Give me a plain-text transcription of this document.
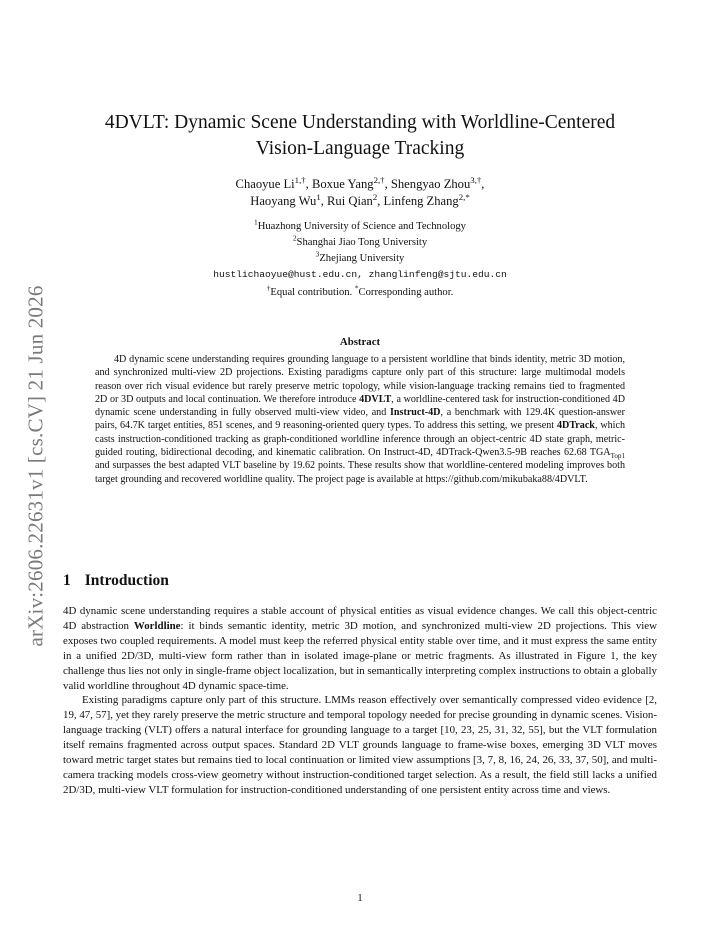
arXiv:2606.22631v1 [cs.CV] 21 Jun 2026
4DVLT: Dynamic Scene Understanding with Worldline-Centered
Vision-Language Tracking
Chaoyue $Li^{1,\dagger}$, Boxue Yang$^{2,\dagger}$, Shengyao Zhou$^{3,\dagger}$,
Haoyang Wu$^1$, Rui Qian$^2$, Linfeng Zhang$^{2,*}$
$^1$Huazhong University of Science and Technology
$^2$Shanghai Jiao Tong University
$^3$Zhejiang University
hustlichaoyue@hust.edu.cn, zhanglinfeng@sjtu.edu.cn
†Equal contribution. *Corresponding author.
Abstract

4D dynamic scene understanding requires grounding language to a persistent worldline that binds identity, metric 3D motion, and synchronized multi-view 2D projections. Existing paradigms capture only part of this structure: large multimodal models reason over rich visual evidence but rarely preserve metric topology, while vision-language tracking remains tied to fragmented 2D or 3D outputs and local continuation. We therefore introduce 4DVLT, a worldline-centered task for instruction-conditioned 4D dynamic scene understanding in fully observed multi-view video, and Instruct-4D, a benchmark with 129.4K question-answer pairs, 64.7K target entities, 851 scenes, and 9 reasoning-oriented query types. To address this setting, we present 4DTrack, which casts instruction-conditioned tracking as graph-conditioned worldline inference through an object-centric 4D state graph, metric-guided routing, bidirectional decoding, and kinematic calibration. On Instruct-4D, 4DTrack-Qwen3.5-9B reaches 62.68 $TGA_{Top1}$ and surpasses the best adapted VLT baseline by 19.62 points. These results show that worldline-centered modeling improves both target grounding and recovered worldline quality. The project page is available at https://github.com/mikubaka88/4DVLT.

1 Introduction

4D dynamic scene understanding requires a stable account of physical entities as visual evidence changes. We call this object-centric 4D abstraction Worldline: it binds semantic identity, metric 3D motion, and synchronized multi-view 2D projections. This view exposes two coupled requirements. A model must keep the referred physical entity stable over time, and it must express the same entity in a unified 2D/3D, multi-view form rather than in isolated image-plane or metric fragments. As illustrated in Figure 1, the key challenge thus lies not only in single-frame object localization, but in semantically interpreting complex instructions to obtain a globally valid worldline throughout 4D dynamic space-time.

Existing paradigms capture only part of this structure. LMMs reason effectively over semantically compressed video evidence [2, 19, 47, 57], yet they rarely preserve the metric structure and temporal topology needed for precise grounding in dynamic scenes. Vision-language tracking (VLT) offers a natural interface for grounding language to a target [10, 23, 25, 31, 32, 55], but the VLT formulation itself remains fragmented across output spaces. Standard 2D VLT grounds language to frame-wise boxes, emerging 3D VLT moves toward metric target states but remains tied to local continuation or limited view assumptions [3, 7, 8, 16, 24, 26, 33, 37, 50], and multi-camera tracking models cross-view geometry without instruction-conditioned target selection. As a result, the field still lacks a unified 2D/3D, multi-view VLT formulation for instruction-conditioned understanding of one persistent entity across time and views.

1
